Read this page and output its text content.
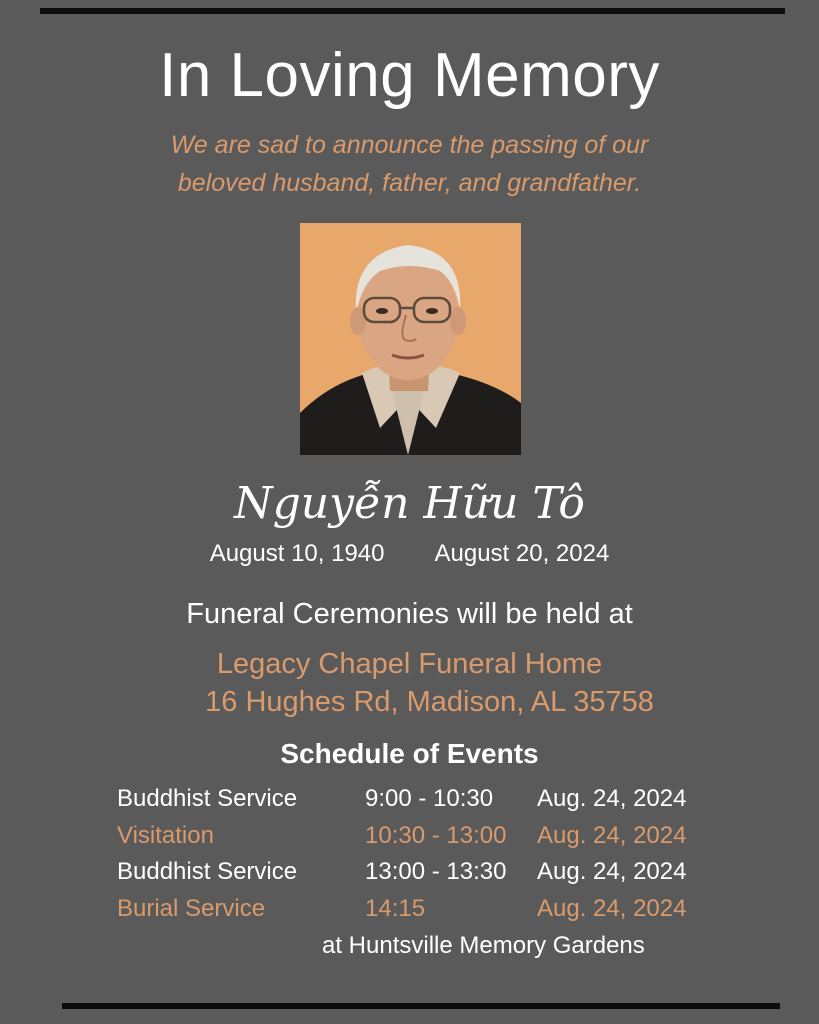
In Loving Memory
We are sad to announce the passing of our
beloved husband, father, and grandfather.
Nguyễn Hữu Tô
August 10, 1940 August 20, 2024
Funeral Ceremonies will be held at
Legacy Chapel Funeral Home
16 Hughes Rd, Madison, AL 35758
Schedule of Events
Buddhist Service	9:00 - 10:30 Aug. 24, 2024
Visitation	10:30 - 13:00 Aug. 24, 2024
Buddhist Service	13:00 - 13:30 Aug. 24, 2024
Burial Service	14:15	Aug. 24, 2024
at Huntsville Memory Gardens
